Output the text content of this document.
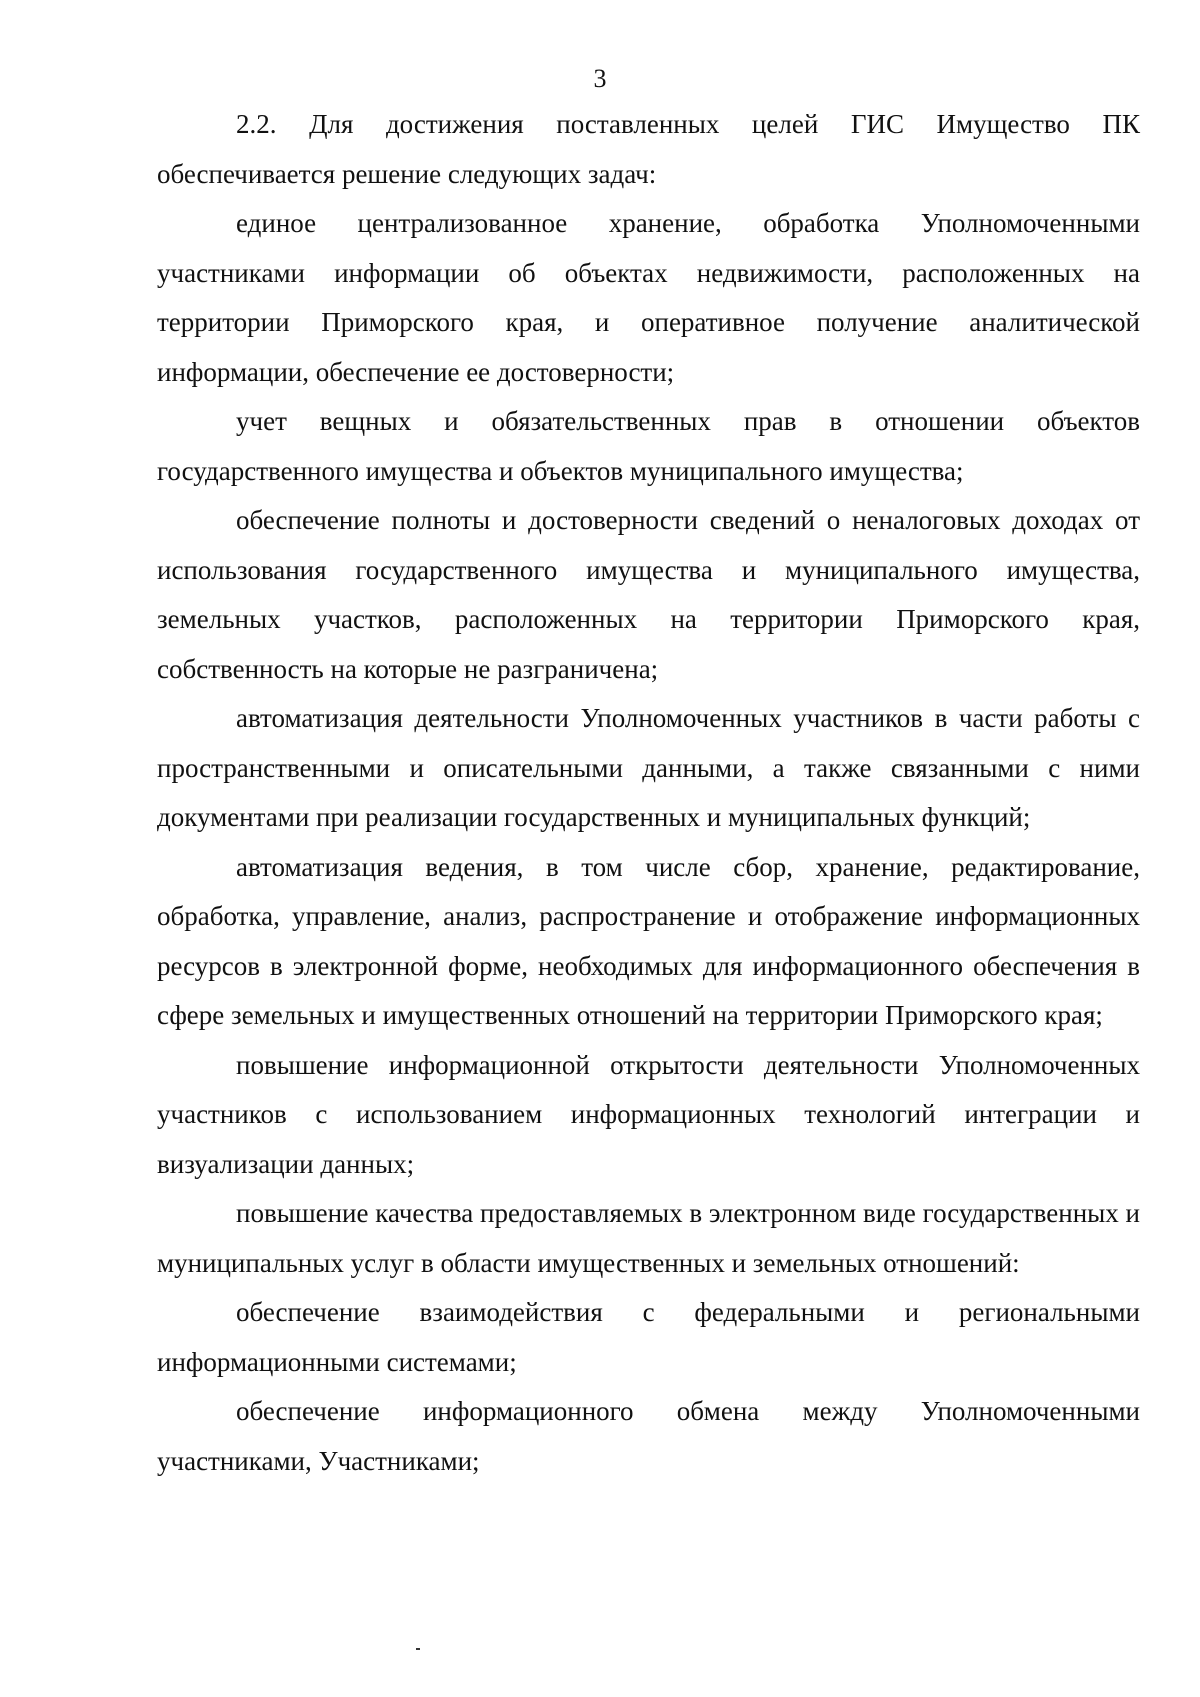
3

2.2. Для достижения поставленных целей ГИС Имущество ПК обеспечивается решение следующих задач:

единое централизованное хранение, обработка Уполномоченными участниками информации об объектах недвижимости, расположенных на территории Приморского края, и оперативное получение аналитической информации, обеспечение ее достоверности;

учет вещных и обязательственных прав в отношении объектов государственного имущества и объектов муниципального имущества;

обеспечение полноты и достоверности сведений о неналоговых доходах от использования государственного имущества и муниципального имущества, земельных участков, расположенных на территории Приморского края, собственность на которые не разграничена;

автоматизация деятельности Уполномоченных участников в части работы с пространственными и описательными данными, а также связанными с ними документами при реализации государственных и муниципальных функций;

автоматизация ведения, в том числе сбор, хранение, редактирование, обработка, управление, анализ, распространение и отображение информационных ресурсов в электронной форме, необходимых для информационного обеспечения в сфере земельных и имущественных отношений на территории Приморского края;

повышение информационной открытости деятельности Уполномоченных участников с использованием информационных технологий интеграции и визуализации данных;

повышение качества предоставляемых в электронном виде государственных и муниципальных услуг в области имущественных и земельных отношений:

обеспечение взаимодействия с федеральными и региональными информационными системами;

обеспечение информационного обмена между Уполномоченными участниками, Участниками;
